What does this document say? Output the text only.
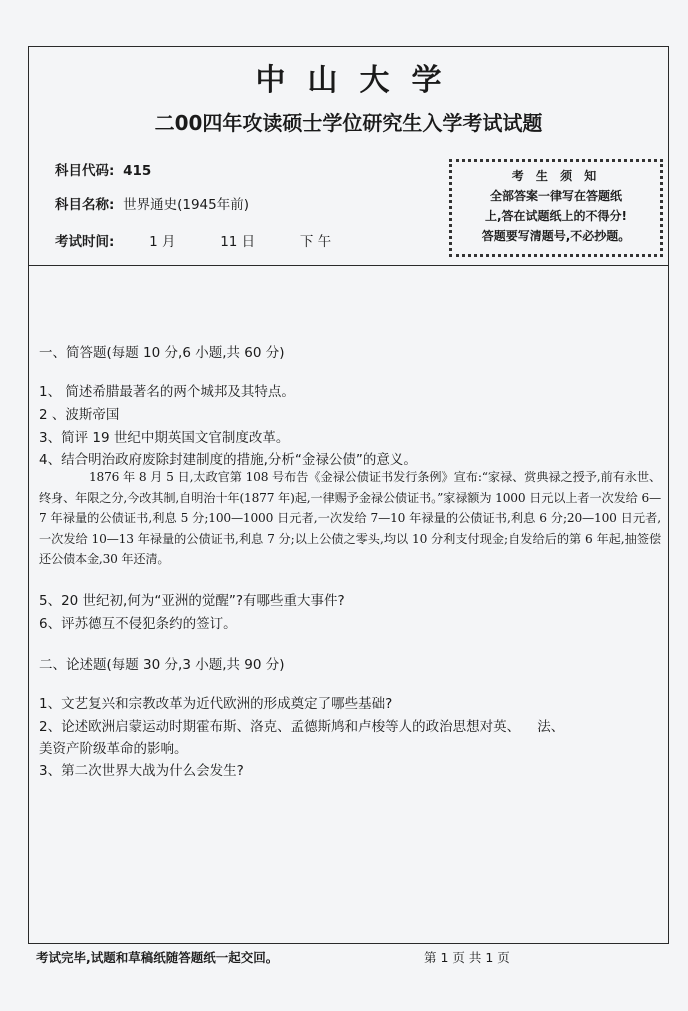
中山大学
二00四年攻读硕士学位研究生入学考试试题
科目代码: 415
科目名称: 世界通史(1945年前)
考试时间:	1 月	11 日	下 午
考 生 须 知
全部答案一律写在答题纸
上,答在试题纸上的不得分!
答题要写清题号,不必抄题。
一、简答题(每题 10 分,6 小题,共 60 分)
1、 简述希腊最著名的两个城邦及其特点。
2 、波斯帝国
3、简评 19 世纪中期英国文官制度改革。
4、结合明治政府废除封建制度的措施,分析“金禄公债”的意义。
1876 年 8 月 5 日,太政官第 108 号布告《金禄公债证书发行条例》宣布:“家禄、赏典禄之授予,前有永世、终身、年限之分,今改其制,自明治十年(1877 年)起,一律赐予金禄公债证书。”家禄额为 1000 日元以上者一次发给 6—7 年禄量的公债证书,利息 5 分;100—1000 日元者,一次发给 7—10 年禄量的公债证书,利息 6 分;20—100 日元者,一次发给 10—13 年禄量的公债证书,利息 7 分;以上公债之零头,均以 10 分利支付现金;自发给后的第 6 年起,抽签偿还公债本金,30 年还清。
5、20 世纪初,何为“亚洲的觉醒”?有哪些重大事件?
6、评苏德互不侵犯条约的签订。
二、论述题(每题 30 分,3 小题,共 90 分)
1、文艺复兴和宗教改革为近代欧洲的形成奠定了哪些基础?
2、论述欧洲启蒙运动时期霍布斯、洛克、孟德斯鸠和卢梭等人的政治思想对英、    法、
美资产阶级革命的影响。
3、第二次世界大战为什么会发生?
考试完毕,试题和草稿纸随答题纸一起交回。	第 1 页 共 1 页
